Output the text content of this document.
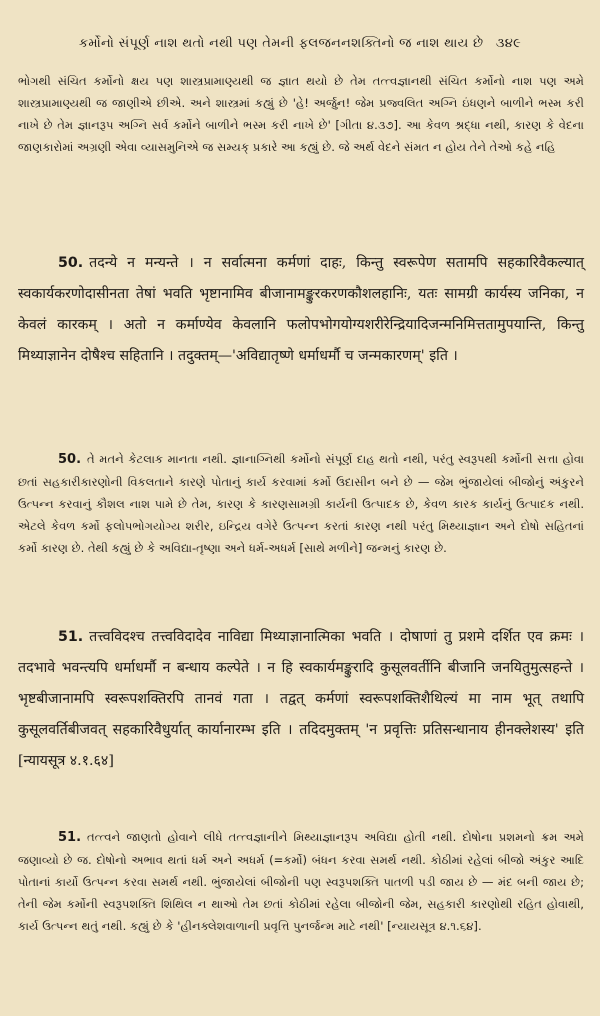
કર્મોનો સંપૂર્ણ નાશ થતો નથી પણ તેમની ફલજનનશક્તિનો જ નાશ થાય છે ૩૪૯
ભોગથી સંચિત કર્મોનો ક્ષય પણ શાસ્ત્રપ્રામાણ્યથી જ જ્ઞાત થયો છે તેમ તત્ત્વજ્ઞાનથી સંચિત કર્મોનો નાશ પણ અમે શાસ્ત્રપ્રામાણ્યથી જ જાણીએ છીએ. અને શાસ્ત્રમાં કહ્યું છે 'હે! અર્જુન! જેમ પ્રજ્વલિત અગ્નિ ઇંધણને બાળીને ભસ્મ કરી નાખે છે તેમ જ્ઞાનરૂપ અગ્નિ સર્વ કર્મોને બાળીને ભસ્મ કરી નાખે છે' [ગીતા ૪.૩૭]. આ કેવળ શ્રદ્ધા નથી, કારણ કે વેદના જાણકારોમાં અગ્રણી એવા વ્યાસમુનિએ જ સમ્યક્ પ્રકારે આ કહ્યું છે. જે અર્થ વેદને સંમત ન હોય તેને તેઓ કહે નહિ
50. तदन्ये न मन्यन्ते । न सर्वात्मना कर्मणां दाहः, किन्तु स्वरूपेण सतामपि सहकारिवैकल्यात् स्वकार्यकरणोदासीनता तेषां भवति भृष्टानामिव बीजानामङ्कुरकरणकौशलहानिः, यतः सामग्री कार्यस्य जनिका, न केवलं कारकम् । अतो न कर्माण्येव केवलानि फलोपभोगयोग्यशरीरेन्द्रियादिजन्मनिमित्ततामुपयान्ति, किन्तु मिथ्याज्ञानेन दोषैश्च सहितानि । तदुक्तम्—'अविद्यातृष्णे धर्माधर्मौ च जन्मकारणम्' इति ।
50. તે મતને કેટલાક માનતા નથી. જ્ઞાનાગ્નિથી કર્મોનો સંપૂર્ણ દાહ થતો નથી, પરંતુ સ્વરૂપથી કર્મોની સત્તા હોવા છતાં સહકારીકારણોની વિકલતાને કારણે પોતાનું કાર્ય કરવામાં કર્મો ઉદાસીન બને છે — જેમ ભુંજાયેલાં બીજોનું અંકુરને ઉત્પન્ન કરવાનું કૌશલ નાશ પામે છે તેમ, કારણ કે કારણસામગ્રી કાર્યની ઉત્પાદક છે, કેવળ કારક કાર્યનું ઉત્પાદક નથી. એટલે કેવળ કર્મો ફલોપભોગયોગ્ય શરીર, ઇન્દ્રિય વગેરે ઉત્પન્ન કરતાં કારણ નથી પરંતુ મિથ્યાજ્ઞાન અને દોષો સહિતનાં કર્મો કારણ છે. તેથી કહ્યું છે કે અવિદ્યા-તૃષ્ણા અને ધર્મ-અધર્મ [સાથે મળીને] જન્મનું કારણ છે.
51. तत्त्वविदश्च तत्त्वविदादेव नाविद्या मिथ्याज्ञानात्मिका भवति । दोषाणां तु प्रशमे दर्शित एव क्रमः । तदभावे भवन्त्यपि धर्माधर्मौ न बन्धाय कल्पेते । न हि स्वकार्यमङ्कुरादि कुसूलवर्तीनि बीजानि जनयितुमुत्सहन्ते । भृष्टबीजानामपि स्वरूपशक्तिरपि तानवं गता । तद्वत् कर्मणां स्वरूपशक्तिशैथिल्यं मा नाम भूत् तथापि कुसूलवर्तिबीजवत् सहकारिवैधुर्यात् कार्यानारम्भ इति । तदिदमुक्तम् 'न प्रवृत्तिः प्रतिसन्धानाय हीनक्लेशस्य' इति [न्यायसूत्र ४.१.६४]
51. તત્ત્વને જાણતો હોવાને લીધે તત્ત્વજ્ઞાનીને મિથ્યાજ્ઞાનરૂપ અવિદ્યા હોતી નથી. દોષોના પ્રશમનો ક્રમ અમે જણાવ્યો છે જ. દોષોનો અભાવ થતાં ધર્મ અને અધર્મ (=કર્મો) બંધન કરવા સમર્થ નથી. કોઠીમાં રહેલાં બીજો અંકુર આદિ પોતાનાં કાર્યો ઉત્પન્ન કરવા સમર્થ નથી. ભુંજાયેલાં બીજોની પણ સ્વરૂપશક્તિ પાતળી પડી જાય છે — મંદ બની જાય છે; તેની જેમ કર્મોની સ્વરૂપશક્તિ શિથિલ ન થાઓ તેમ છતાં કોઠીમાં રહેલા બીજોની જેમ, સહકારી કારણોથી રહિત હોવાથી, કાર્ય ઉત્પન્ન થતું નથી. કહ્યું છે કે 'હીનક્લેશવાળાની પ્રવૃત્તિ પુનર્જન્મ માટે નથી' [ન્યાયસૂત્ર ૪.૧.૬૪].
